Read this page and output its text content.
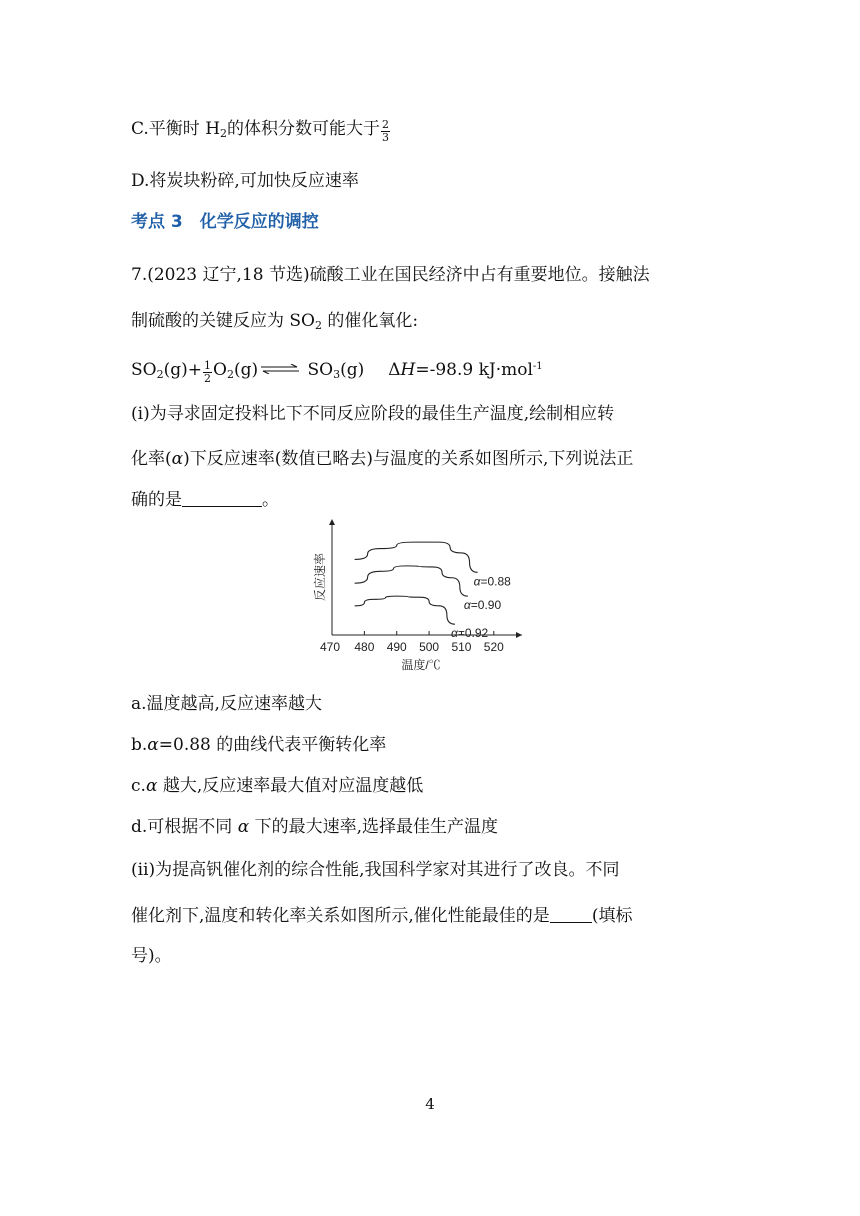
C.平衡时 $H_2$的体积分数可能大于 $\frac{2}{3}$
D.将炭块粉碎,可加快反应速率
考点 3　化学反应的调控
7.(2023 辽宁,18 节选)硫酸工业在国民经济中占有重要地位。接触法
制硫酸的关键反应为 $SO_2$ 的催化氧化:
$SO_2(g)+ \frac{1}{2} O_2(g)$ ⇌ $SO_3(g)$ ΔH=-98.9 kJ·mol$^{-1}$
(ⅰ)为寻求固定投料比下不同反应阶段的最佳生产温度,绘制相应转
化率(α)下反应速率(数值已略去)与温度的关系如图所示,下列说法正
确的是	。
470 480 490 500 510 520
温度/℃
反应速率	α=0.88
α=0.90
α=0.92
a.温度越高,反应速率越大
b.α=0.88 的曲线代表平衡转化率
c.α 越大,反应速率最大值对应温度越低
d.可根据不同 α 下的最大速率,选择最佳生产温度
(ⅱ)为提高钒催化剂的综合性能,我国科学家对其进行了改良。不同
催化剂下,温度和转化率关系如图所示,催化性能最佳的是 (填标
号)。
4
